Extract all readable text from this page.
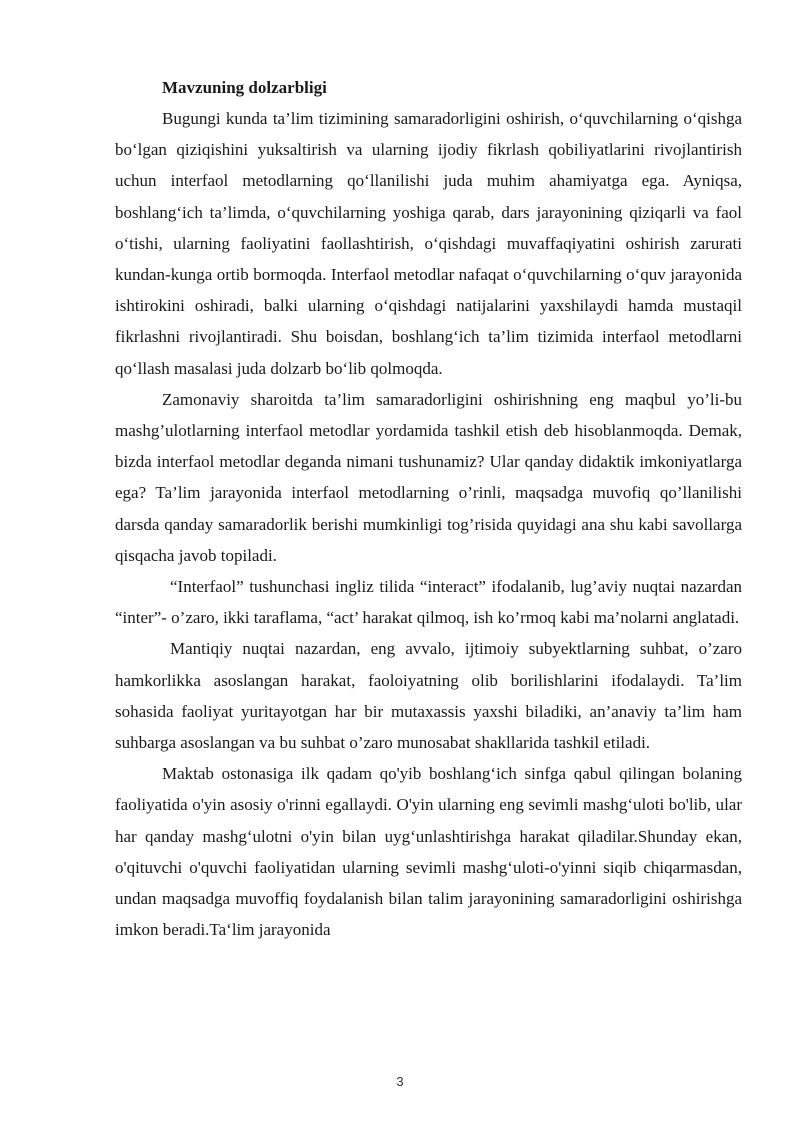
Mavzuning dolzarbligi

Bugungi kunda ta’lim tizimining samaradorligini oshirish, o‘quvchilarning o‘qishga bo‘lgan qiziqishini yuksaltirish va ularning ijodiy fikrlash qobiliyatlarini rivojlantirish uchun interfaol metodlarning qo‘llanilishi juda muhim ahamiyatga ega. Ayniqsa, boshlang‘ich ta’limda, o‘quvchilarning yoshiga qarab, dars jarayonining qiziqarli va faol o‘tishi, ularning faoliyatini faollashtirish, o‘qishdagi muvaffaqiyatini oshirish zarurati kundan-kunga ortib bormoqda. Interfaol metodlar nafaqat o‘quvchilarning o‘quv jarayonida ishtirokini oshiradi, balki ularning o‘qishdagi natijalarini yaxshilaydi hamda mustaqil fikrlashni rivojlantiradi. Shu boisdan, boshlang‘ich ta’lim tizimida interfaol metodlarni qo‘llash masalasi juda dolzarb bo‘lib qolmoqda.

Zamonaviy sharoitda ta’lim samaradorligini oshirishning eng maqbul yo’li-bu mashg’ulotlarning interfaol metodlar yordamida tashkil etish deb hisoblanmoqda. Demak, bizda interfaol metodlar deganda nimani tushunamiz? Ular qanday didaktik imkoniyatlarga ega? Ta’lim jarayonida interfaol metodlarning o’rinli, maqsadga muvofiq qo’llanilishi darsda qanday samaradorlik berishi mumkinligi tog’risida quyidagi ana shu kabi savollarga qisqacha javob topiladi.

“Interfaol” tushunchasi ingliz tilida “interact” ifodalanib, lug’aviy nuqtai nazardan “inter”- o’zaro, ikki taraflama, “act’ harakat qilmoq, ish ko’rmoq kabi ma’nolarni anglatadi.

Mantiqiy nuqtai nazardan, eng avvalo, ijtimoiy subyektlarning suhbat, o’zaro hamkorlikka asoslangan harakat, faoloiyatning olib borilishlarini ifodalaydi. Ta’lim sohasida faoliyat yuritayotgan har bir mutaxassis yaxshi biladiki, an’anaviy ta’lim ham suhbarga asoslangan va bu suhbat o’zaro munosabat shakllarida tashkil etiladi.

Maktab ostonasiga ilk qadam qo'yib boshlang‘ich sinfga qabul qilingan bolaning faoliyatida o'yin asosiy o'rinni egallaydi. O'yin ularning eng sevimli mashg‘uloti bo'lib, ular har qanday mashg‘ulotni o'yin bilan uyg‘unlashtirishga harakat qiladilar.Shunday ekan, o'qituvchi o'quvchi faoliyatidan ularning sevimli mashg‘uloti-o'yinni siqib chiqarmasdan, undan maqsadga muvoffiq foydalanish bilan talim jarayonining samaradorligini oshirishga imkon beradi.Ta‘lim jarayonida

3
